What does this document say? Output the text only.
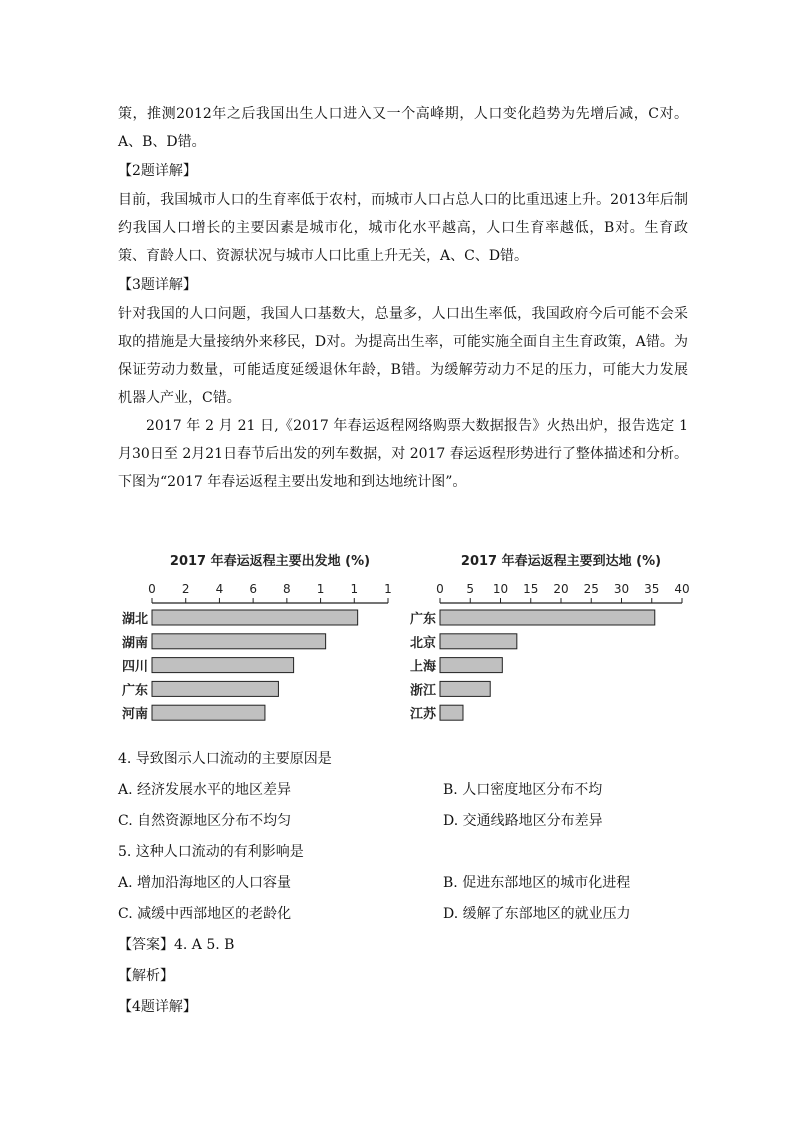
策，推测2012年之后我国出生人口进入又一个高峰期，人口变化趋势为先增后减，C对。A、B、D错。

【2题详解】

目前，我国城市人口的生育率低于农村，而城市人口占总人口的比重迅速上升。2013年后制约我国人口增长的主要因素是城市化，城市化水平越高，人口生育率越低，B对。生育政策、育龄人口、资源状况与城市人口比重上升无关，A、C、D错。

【3题详解】

针对我国的人口问题，我国人口基数大，总量多，人口出生率低，我国政府今后可能不会采取的措施是大量接纳外来移民，D对。为提高出生率，可能实施全面自主生育政策，A错。为保证劳动力数量，可能适度延缓退休年龄，B错。为缓解劳动力不足的压力，可能大力发展机器人产业，C错。

2017 年 2 月 21 日,《2017 年春运返程网络购票大数据报告》火热出炉，报告选定 1 月30日至 2月21日春节后出发的列车数据，对 2017 春运返程形势进行了整体描述和分析。下图为“2017 年春运返程主要出发地和到达地统计图”。

2017 年春运返程主要出发地 (%)
0 2 4 6 8 1 1 1
湖北
湖南
四川
广东
河南
2017 年春运返程主要到达地 (%)
0 5 10 15 20 25 30 35 40
广东
北京
上海
浙江
江苏

4. 导致图示人口流动的主要原因是

A. 经济发展水平的地区差异	B. 人口密度地区分布不均
C. 自然资源地区分布不均匀	D. 交通线路地区分布差异

5. 这种人口流动的有利影响是

A. 增加沿海地区的人口容量	B. 促进东部地区的城市化进程
C. 减缓中西部地区的老龄化	D. 缓解了东部地区的就业压力

【答案】4. A 5. B

【解析】

【4题详解】
